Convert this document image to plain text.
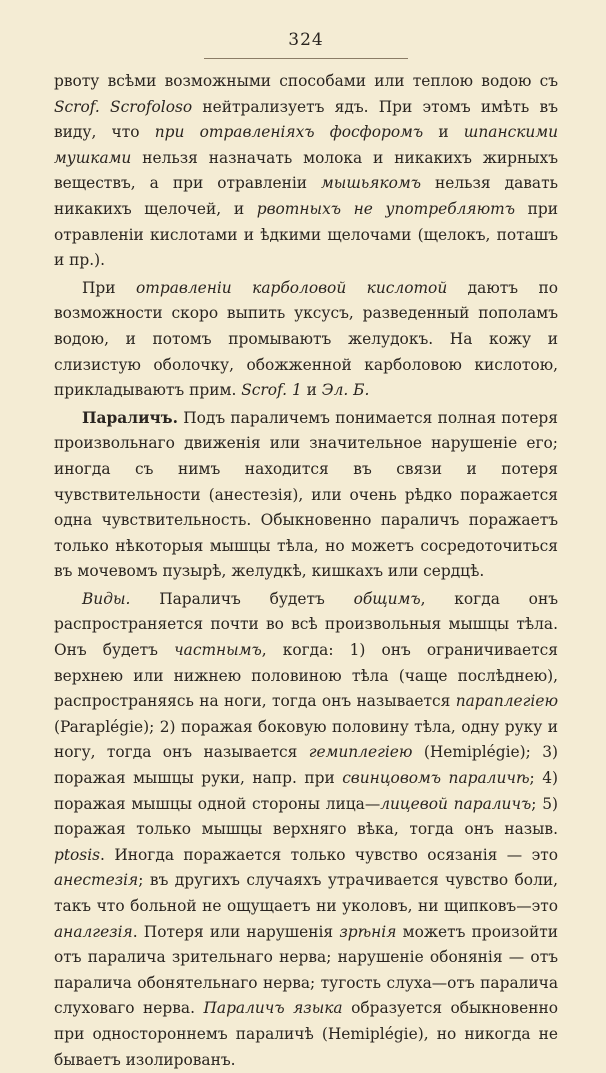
324

рвоту всѣми возможными способами или теплою водою съ Scrof. Scrofoloso нейтрализуетъ ядъ. При этомъ имѣть въ виду, что при отравленiяхъ фосфоромъ и шпанскими мушками нельзя назначать молока и никакихъ жирныхъ веществъ, а при отравленiи мышьякомъ нельзя давать никакихъ щелочей, и рвотныхъ не употребляютъ при отравленiи кислотами и ѣдкими щелочами (щелокъ, поташъ и пр.).

При отравленiи карболовой кислотой даютъ по возможности скоро выпить уксусъ, разведенный пополамъ водою, и потомъ промываютъ желудокъ. На кожу и слизистую оболочку, обожженной карболовою кислотою, прикладываютъ прим. Scrof. 1 и Эл. Б.

Параличъ. Подъ параличемъ понимается полная потеря произвольнаго движенiя или значительное нарушенiе его; иногда съ нимъ находится въ связи и потеря чувствительности (анестезiя), или очень рѣдко поражается одна чувствительность. Обыкновенно параличъ поражаетъ только нѣкоторыя мышцы тѣла, но можетъ сосредоточиться въ мочевомъ пузырѣ, желудкѣ, кишкахъ или сердцѣ.

Виды. Параличъ будетъ общимъ, когда онъ распространяется почти во всѣ произвольныя мышцы тѣла. Онъ будетъ частнымъ, когда: 1) онъ ограничивается верхнею или нижнею половиною тѣла (чаще послѣднею), распространяясь на ноги, тогда онъ называется параплегiею (Paraplégie); 2) поражая боковую половину тѣла, одну руку и ногу, тогда онъ называется гемиплегiею (Hemiplégie); 3) поражая мышцы руки, напр. при свинцовомъ параличѣ; 4) поражая мышцы одной стороны лица—лицевой параличъ; 5) поражая только мышцы верхняго вѣка, тогда онъ назыв. ptosis. Иногда поражается только чувство осязанiя — это анестезiя; въ другихъ случаяхъ утрачивается чувство боли, такъ что больной не ощущаетъ ни уколовъ, ни щипковъ—это аналгезiя. Потеря или нарушенiя зрѣнiя можетъ произойти отъ паралича зрительнаго нерва; нарушенiе обонянiя — отъ паралича обонятельнаго нерва; тугость слуха—отъ паралича слуховаго нерва. Параличъ языка образуется обыкновенно при одностороннемъ параличѣ (Hemiplégie), но никогда не бываетъ изолированъ.
